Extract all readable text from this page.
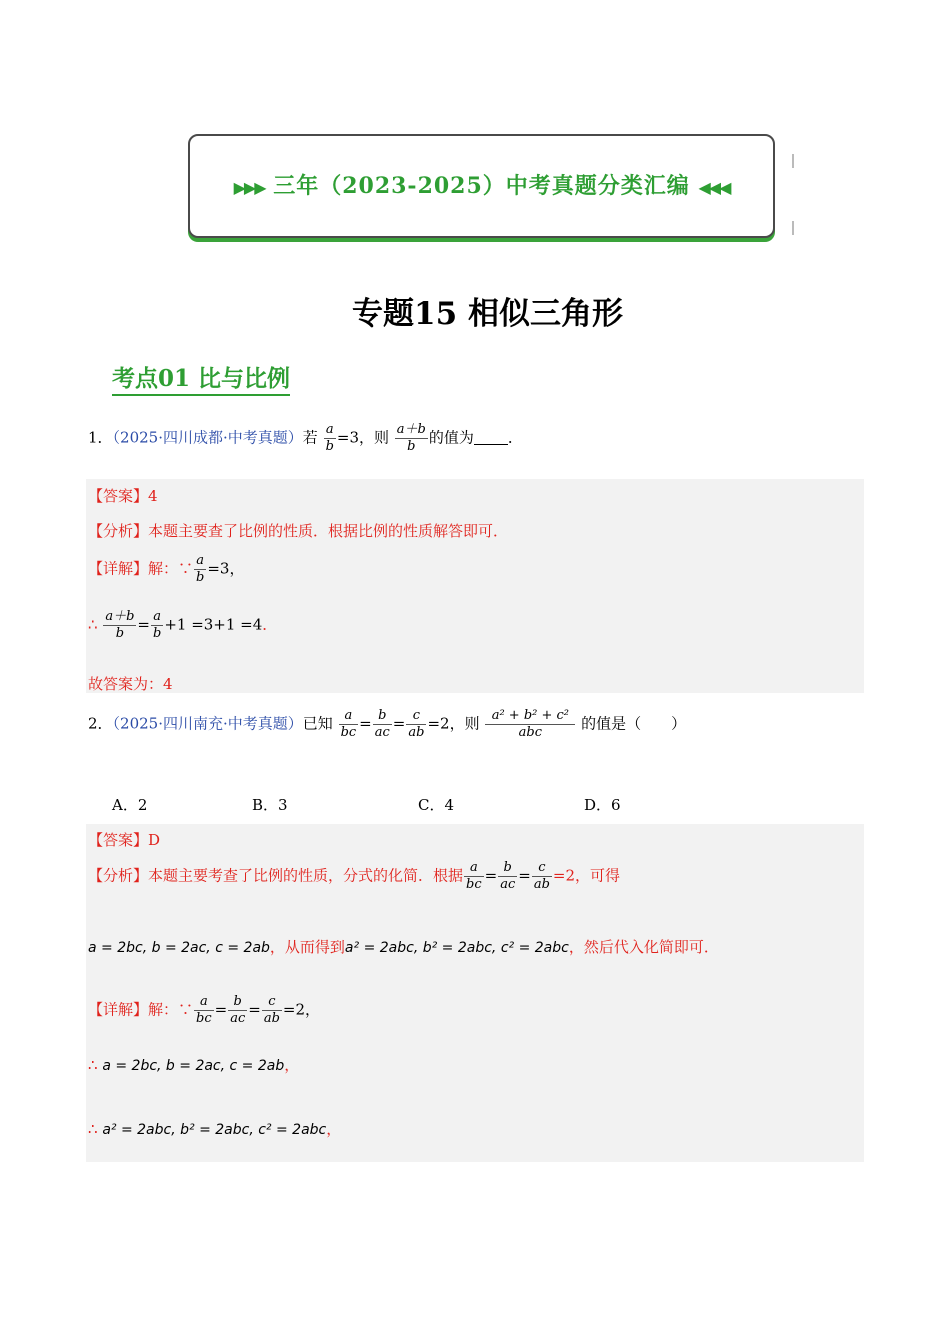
▶▶▶ 三年（2023-2025）中考真题分类汇编 ◀◀◀
专题15 相似三角形
考点01 比与比例
1．（2025·四川成都·中考真题）若 $\frac{a}{b} =3$，则 $\frac{a+b}{b}$ 的值为 ．
【答案】4
【分析】本题主要查了比例的性质．根据比例的性质解答即可．
【详解】解：∵ $\frac{a}{b} =3$，
∴ $\frac{a+b}{b} = \frac{a}{b} +1 =3+1 =4$．
故答案为：4
2．（2025·四川南充·中考真题）已知 $\frac{a}{bc} = \frac{b}{ac} = \frac{c}{ab} =2$，则 $\frac{\text{a² + b² + c²}}{\text{abc}}$ 的值是（　　）
A．2	B．3	C．4	D．6
【答案】D
【分析】本题主要考查了比例的性质，分式的化简．根据 $\frac{a}{bc} = \frac{b}{ac} = \frac{c}{ab} =2$，可得
a = 2bc, b = 2ac, c = 2ab，从而得到a² = 2abc, b² = 2abc, c² = 2abc，然后代入化简即可．
【详解】解：∵ $\frac{a}{bc} = \frac{b}{ac} = \frac{c}{ab} =2$，
∴ a = 2bc, b = 2ac, c = 2ab，
∴ a² = 2abc, b² = 2abc, c² = 2abc，
